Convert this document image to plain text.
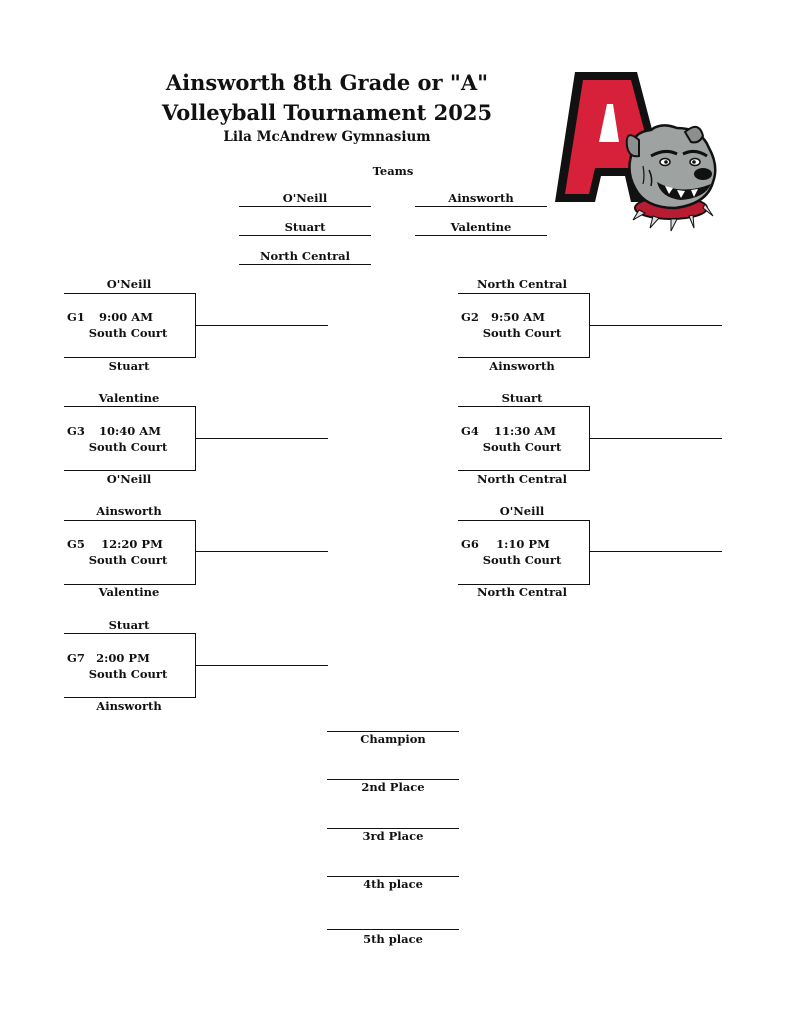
Ainsworth 8th Grade or "A"
Volleyball Tournament 2025
Lila McAndrew Gymnasium
Teams
O'Neill	Ainsworth
Stuart	Valentine
North Central
O'Neill
G1	9:00 AM
South Court
Stuart
North Central
G2	9:50 AM
South Court
Ainsworth
Valentine
G3	10:40 AM
South Court
O'Neill
Stuart
G4	11:30 AM
South Court
North Central
Ainsworth
G5	12:20 PM
South Court
Valentine
O'Neill
G6	1:10 PM
South Court
North Central
Stuart
G7 2:00 PM
South Court
Ainsworth
Champion
2nd Place
3rd Place
4th place
5th place
